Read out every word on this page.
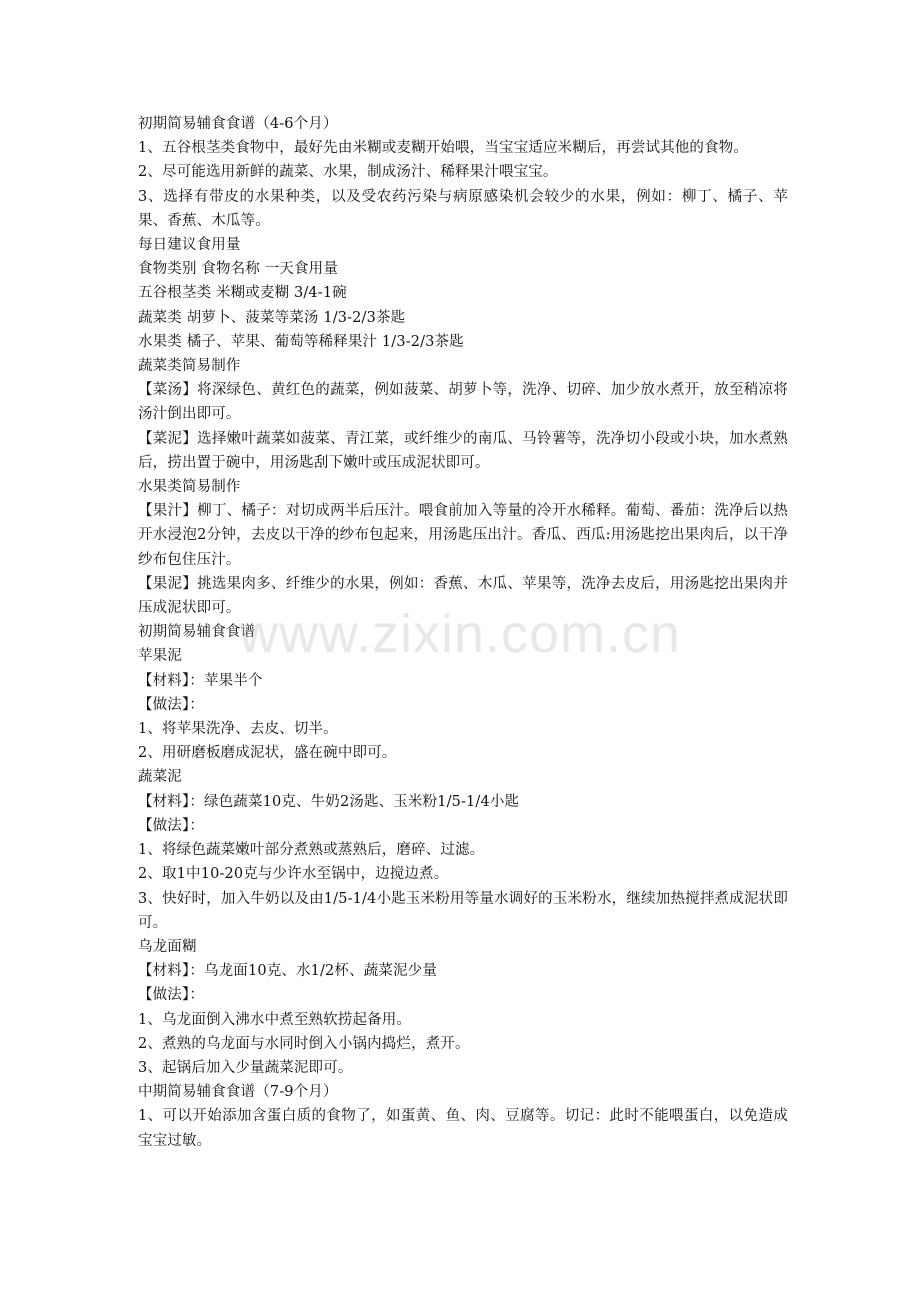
初期简易辅食食谱（4-6个月）

1、五谷根茎类食物中，最好先由米糊或麦糊开始喂，当宝宝适应米糊后，再尝试其他的食物。

2、尽可能选用新鲜的蔬菜、水果，制成汤汁、稀释果汁喂宝宝。

3、选择有带皮的水果种类，以及受农药污染与病原感染机会较少的水果，例如：柳丁、橘子、苹果、香蕉、木瓜等。

每日建议食用量

食物类别 食物名称 一天食用量

五谷根茎类 米糊或麦糊 3/4-1碗

蔬菜类 胡萝卜、菠菜等菜汤 1/3-2/3茶匙

水果类 橘子、苹果、葡萄等稀释果汁 1/3-2/3茶匙

蔬菜类简易制作

【菜汤】将深绿色、黄红色的蔬菜，例如菠菜、胡萝卜等，洗净、切碎、加少放水煮开，放至稍凉将汤汁倒出即可。

【菜泥】选择嫩叶蔬菜如菠菜、青江菜，或纤维少的南瓜、马铃薯等，洗净切小段或小块，加水煮熟后，捞出置于碗中，用汤匙刮下嫩叶或压成泥状即可。

水果类简易制作

【果汁】柳丁、橘子：对切成两半后压汁。喂食前加入等量的冷开水稀释。葡萄、番茄：洗净后以热开水浸泡2分钟，去皮以干净的纱布包起来，用汤匙压出汁。香瓜、西瓜:用汤匙挖出果肉后，以干净纱布包住压汁。

【果泥】挑选果肉多、纤维少的水果，例如：香蕉、木瓜、苹果等，洗净去皮后，用汤匙挖出果肉并压成泥状即可。

初期简易辅食食谱

苹果泥

【材料】：苹果半个

【做法】：

1、将苹果洗净、去皮、切半。

2、用研磨板磨成泥状，盛在碗中即可。

蔬菜泥

【材料】：绿色蔬菜10克、牛奶2汤匙、玉米粉1/5-1/4小匙

【做法】：

1、将绿色蔬菜嫩叶部分煮熟或蒸熟后，磨碎、过滤。

2、取1中10-20克与少许水至锅中，边搅边煮。

3、快好时，加入牛奶以及由1/5-1/4小匙玉米粉用等量水调好的玉米粉水，继续加热搅拌煮成泥状即可。

乌龙面糊

【材料】：乌龙面10克、水1/2杯、蔬菜泥少量

【做法】：

1、乌龙面倒入沸水中煮至熟软捞起备用。

2、煮熟的乌龙面与水同时倒入小锅内捣烂，煮开。

3、起锅后加入少量蔬菜泥即可。

中期简易辅食食谱（7-9个月）

1、可以开始添加含蛋白质的食物了，如蛋黄、鱼、肉、豆腐等。切记：此时不能喂蛋白，以免造成宝宝过敏。

www.zixin.com.cn
